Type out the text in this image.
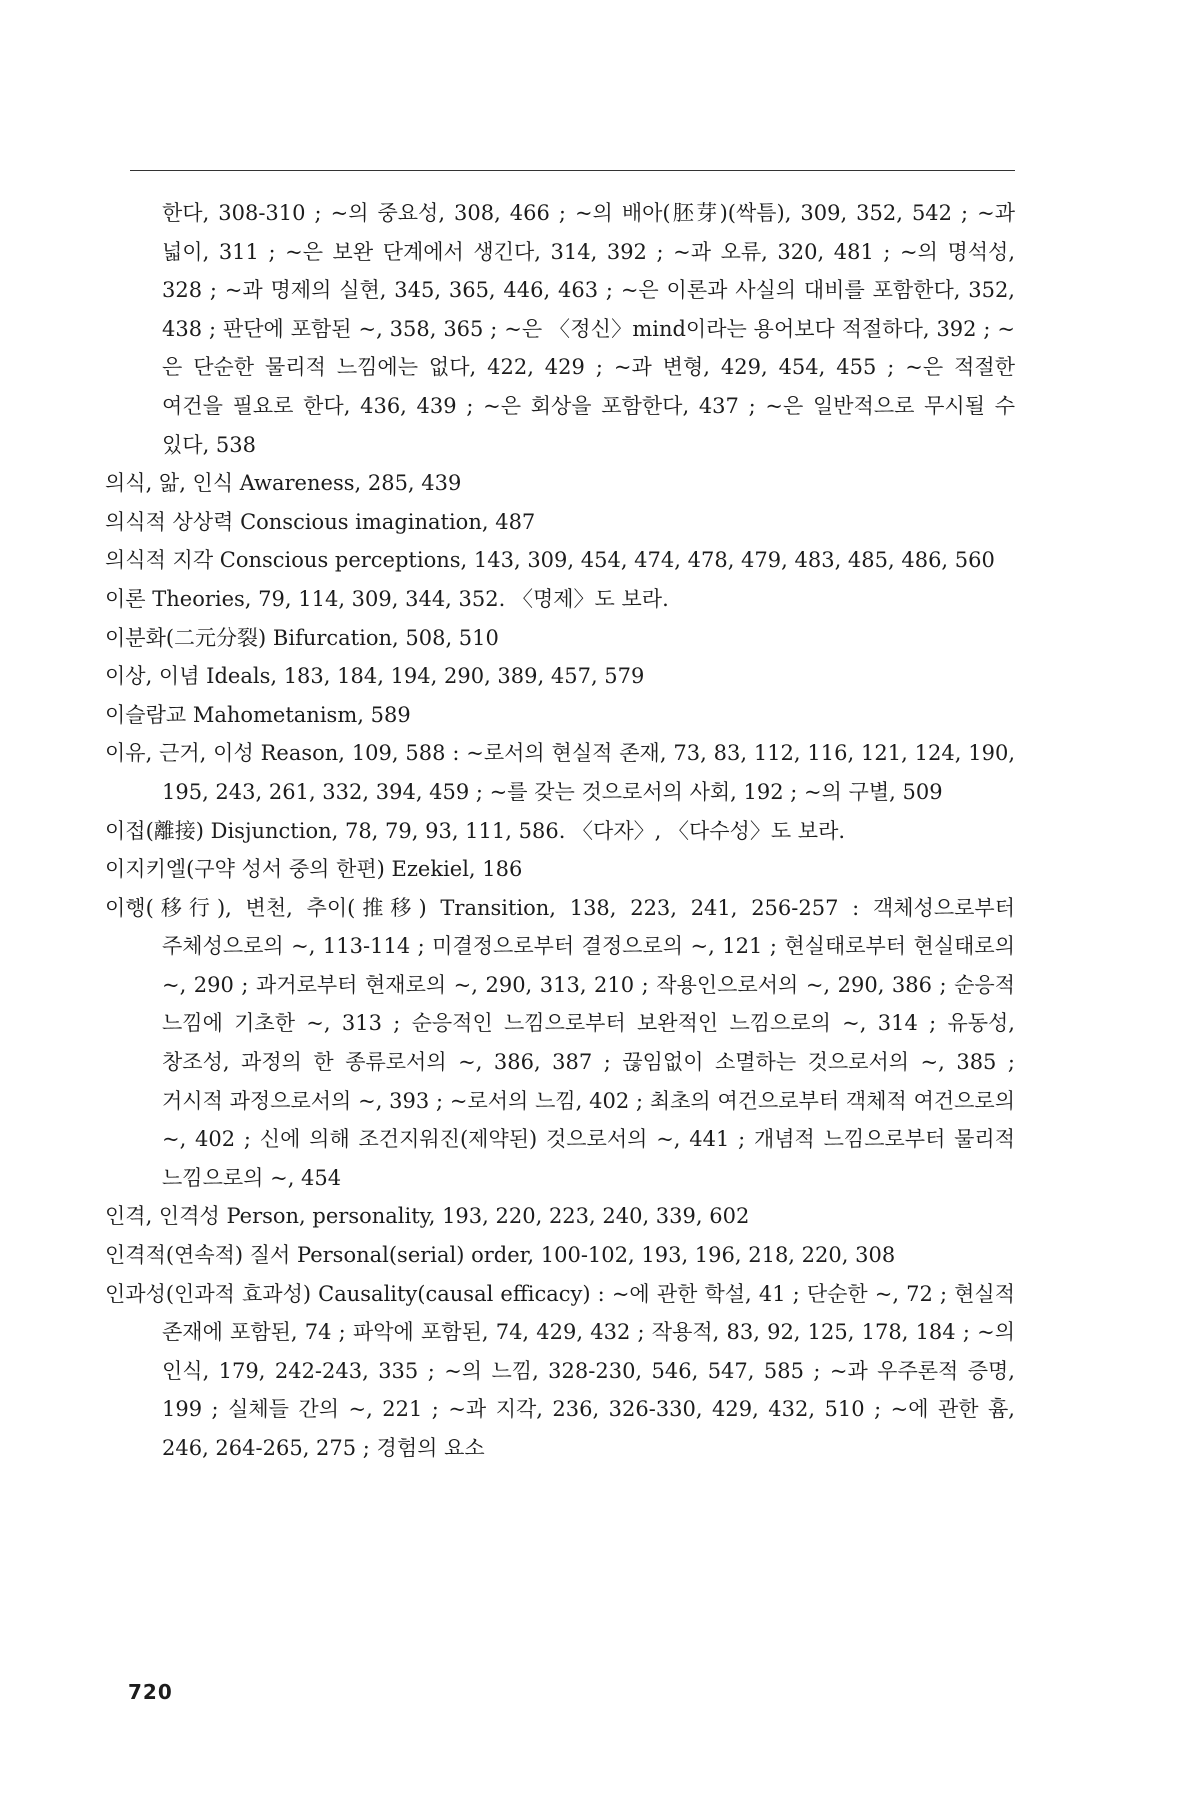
한다, 308-310 ; ~의 중요성, 308, 466 ; ~의 배아(胚芽)(싹틈), 309, 352, 542 ; ~과 넓이, 311 ; ~은 보완 단계에서 생긴다, 314, 392 ; ~과 오류, 320, 481 ; ~의 명석성, 328 ; ~과 명제의 실현, 345, 365, 446, 463 ; ~은 이론과 사실의 대비를 포함한다, 352, 438 ; 판단에 포함된 ~, 358, 365 ; ~은 〈정신〉mind이라는 용어보다 적절하다, 392 ; ~은 단순한 물리적 느낌에는 없다, 422, 429 ; ~과 변형, 429, 454, 455 ; ~은 적절한 여건을 필요로 한다, 436, 439 ; ~은 회상을 포함한다, 437 ; ~은 일반적으로 무시될 수 있다, 538
의식, 앎, 인식 Awareness, 285, 439
의식적 상상력 Conscious imagination, 487
의식적 지각 Conscious perceptions, 143, 309, 454, 474, 478, 479, 483, 485, 486, 560
이론 Theories, 79, 114, 309, 344, 352. 〈명제〉도 보라.
이분화(二元分裂) Bifurcation, 508, 510
이상, 이념 Ideals, 183, 184, 194, 290, 389, 457, 579
이슬람교 Mahometanism, 589
이유, 근거, 이성 Reason, 109, 588 : ~로서의 현실적 존재, 73, 83, 112, 116, 121, 124, 190, 195, 243, 261, 332, 394, 459 ; ~를 갖는 것으로서의 사회, 192 ; ~의 구별, 509
이접(離接) Disjunction, 78, 79, 93, 111, 586. 〈다자〉, 〈다수성〉도 보라.
이지키엘(구약 성서 중의 한편) Ezekiel, 186
이행(移行), 변천, 추이(推移) Transition, 138, 223, 241, 256-257 : 객체성으로부터 주체성으로의 ~, 113-114 ; 미결정으로부터 결정으로의 ~, 121 ; 현실태로부터 현실태로의 ~, 290 ; 과거로부터 현재로의 ~, 290, 313, 210 ; 작용인으로서의 ~, 290, 386 ; 순응적 느낌에 기초한 ~, 313 ; 순응적인 느낌으로부터 보완적인 느낌으로의 ~, 314 ; 유동성, 창조성, 과정의 한 종류로서의 ~, 386, 387 ; 끊임없이 소멸하는 것으로서의 ~, 385 ; 거시적 과정으로서의 ~, 393 ; ~로서의 느낌, 402 ; 최초의 여건으로부터 객체적 여건으로의 ~, 402 ; 신에 의해 조건지워진(제약된) 것으로서의 ~, 441 ; 개념적 느낌으로부터 물리적 느낌으로의 ~, 454
인격, 인격성 Person, personality, 193, 220, 223, 240, 339, 602
인격적(연속적) 질서 Personal(serial) order, 100-102, 193, 196, 218, 220, 308
인과성(인과적 효과성) Causality(causal efficacy) : ~에 관한 학설, 41 ; 단순한 ~, 72 ; 현실적 존재에 포함된, 74 ; 파악에 포함된, 74, 429, 432 ; 작용적, 83, 92, 125, 178, 184 ; ~의 인식, 179, 242-243, 335 ; ~의 느낌, 328-230, 546, 547, 585 ; ~과 우주론적 증명, 199 ; 실체들 간의 ~, 221 ; ~과 지각, 236, 326-330, 429, 432, 510 ; ~에 관한 흄, 246, 264-265, 275 ; 경험의 요소
720
